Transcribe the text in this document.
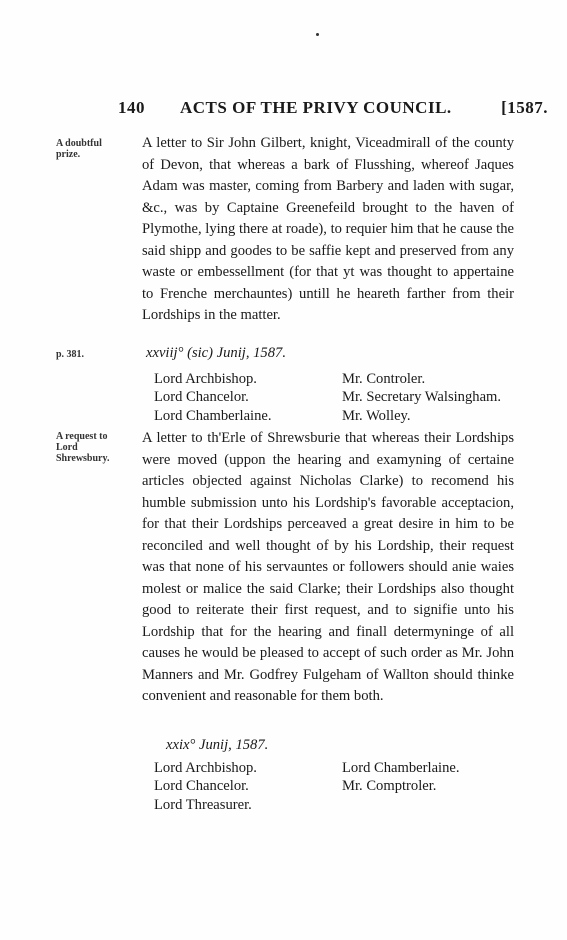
140 ACTS OF THE PRIVY COUNCIL.	[1587.
A doubtful prize.
A letter to Sir John Gilbert, knight, Viceadmirall of the county of Devon, that whereas a bark of Flusshing, whereof Jaques Adam was master, coming from Barbery and laden with sugar, &c., was by Captaine Greenefeild brought to the haven of Plymothe, lying there at roade), to requier him that he cause the said shipp and goodes to be saffie kept and preserved from any waste or embessellment (for that yt was thought to appertaine to Frenche merchauntes) untill he heareth farther from their Lordships in the matter.
p. 381.	xxviij° (sic) Junij, 1587.
Lord Archbishop.
Lord Chancelor.
Lord Chamberlaine.
Mr. Controler.
Mr. Secretary Walsingham.
Mr. Wolley.
A request to Lord Shrewsbury.
A letter to th'Erle of Shrewsburie that whereas their Lordships were moved (uppon the hearing and examyning of certaine articles objected against Nicholas Clarke) to recomend his humble submission unto his Lordship's favorable acceptacion, for that their Lordships perceaved a great desire in him to be reconciled and well thought of by his Lordship, their request was that none of his servauntes or followers should anie waies molest or malice the said Clarke; their Lordships also thought good to reiterate their first request, and to signifie unto his Lordship that for the hearing and finall determyninge of all causes he would be pleased to accept of such order as Mr. John Manners and Mr. Godfrey Fulgeham of Wallton should thinke convenient and reasonable for them both.
xxix° Junij, 1587.
Lord Archbishop.
Lord Chancelor.
Lord Threasurer.
Lord Chamberlaine.
Mr. Comptroler.
